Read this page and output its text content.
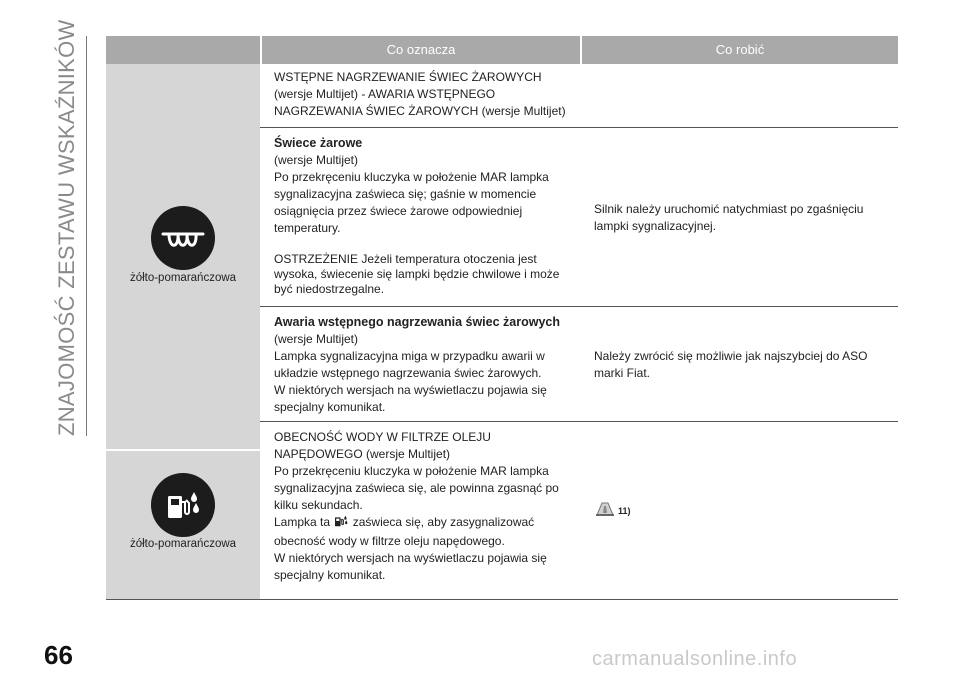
ZNAJOMOŚĆ ZESTAWU WSKAŹNIKÓW
66	carmanualsonline.info
Co oznacza	Co robić
żółto-pomarańczowa
żółto-pomarańczowa

WSTĘPNE NAGRZEWANIE ŚWIEC ŻAROWYCH

(wersje Multijet) - AWARIA WSTĘPNEGO

NAGRZEWANIA ŚWIEC ŻAROWYCH (wersje Multijet)

Świece żarowe

(wersje Multijet)

Po przekręceniu kluczyka w położenie MAR lampka

sygnalizacyjna zaświeca się; gaśnie w momencie

osiągnięcia przez świece żarowe odpowiedniej

temperatury.

OSTRZEŻENIE Jeżeli temperatura otoczenia jest

wysoka, świecenie się lampki będzie chwilowe i może

być niedostrzegalne.

Silnik należy uruchomić natychmiast po zgaśnięciu

lampki sygnalizacyjnej.

Awaria wstępnego nagrzewania świec żarowych

(wersje Multijet)

Lampka sygnalizacyjna miga w przypadku awarii w

układzie wstępnego nagrzewania świec żarowych.

W niektórych wersjach na wyświetlaczu pojawia się

specjalny komunikat.

Należy zwrócić się możliwie jak najszybciej do ASO

marki Fiat.

OBECNOŚĆ WODY W FILTRZE OLEJU

NAPĘDOWEGO (wersje Multijet)

Po przekręceniu kluczyka w położenie MAR lampka

sygnalizacyjna zaświeca się, ale powinna zgasnąć po

kilku sekundach.

Lampka ta zaświeca się, aby zasygnalizować

obecność wody w filtrze oleju napędowego.

W niektórych wersjach na wyświetlaczu pojawia się

specjalny komunikat.

11)
